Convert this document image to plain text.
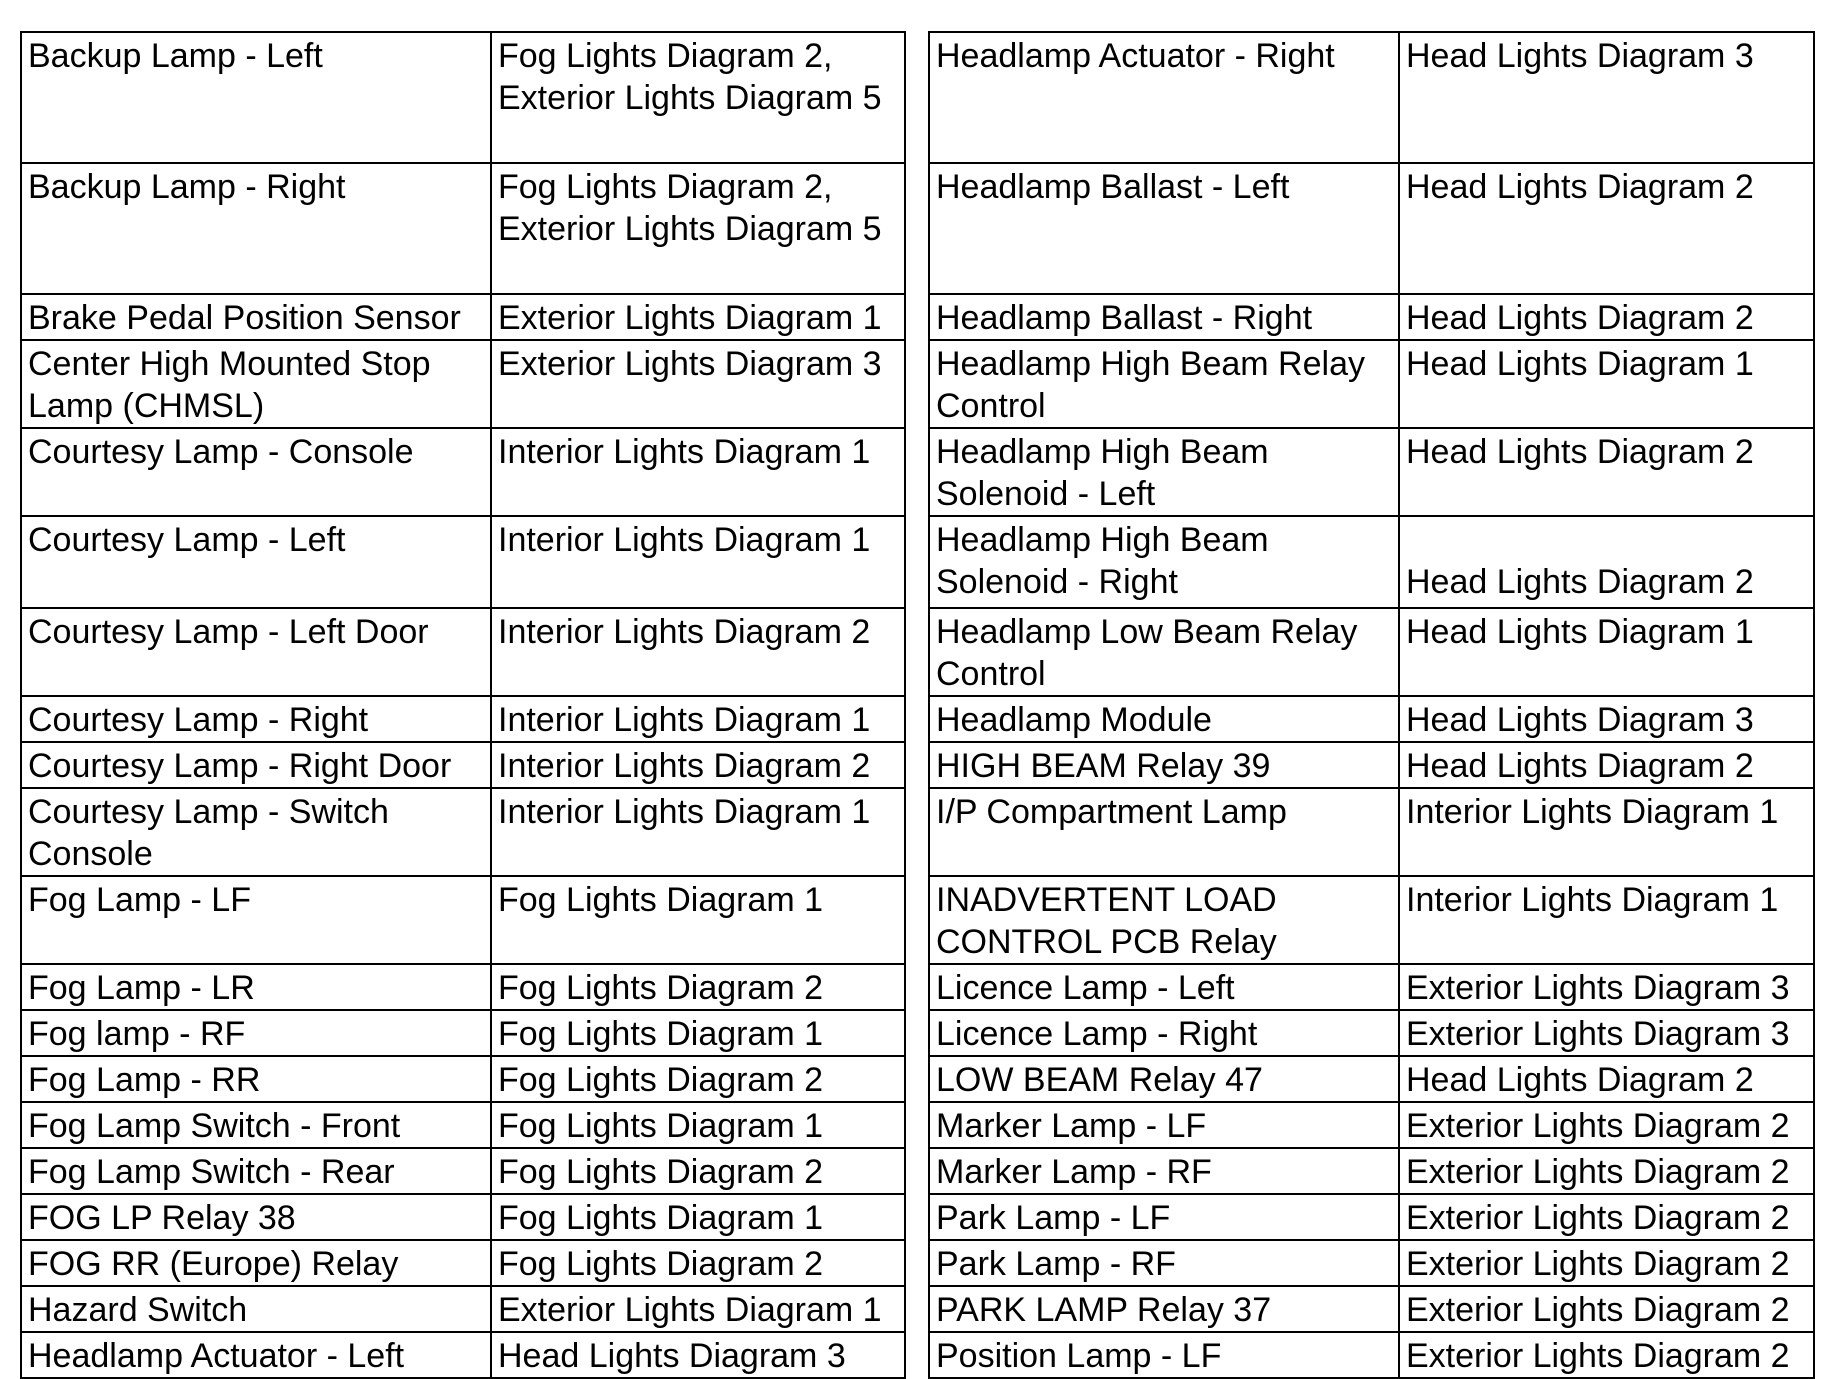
Backup Lamp - Left	Fog Lights Diagram 2, Exterior Lights Diagram 5		Headlamp Actuator - Right	Head Lights Diagram 3
Backup Lamp - Right	Fog Lights Diagram 2, Exterior Lights Diagram 5		Headlamp Ballast - Left	Head Lights Diagram 2
Brake Pedal Position Sensor	Exterior Lights Diagram 1		Headlamp Ballast - Right	Head Lights Diagram 2
Center High Mounted Stop Lamp (CHMSL)	Exterior Lights Diagram 3		Headlamp High Beam Relay Control	Head Lights Diagram 1
Courtesy Lamp - Console	Interior Lights Diagram 1		Headlamp High Beam Solenoid - Left	Head Lights Diagram 2
Courtesy Lamp - Left	Interior Lights Diagram 1		Headlamp High Beam Solenoid - Right	Head Lights Diagram 2
Courtesy Lamp - Left Door	Interior Lights Diagram 2		Headlamp Low Beam Relay Control	Head Lights Diagram 1
Courtesy Lamp - Right	Interior Lights Diagram 1		Headlamp Module	Head Lights Diagram 3
Courtesy Lamp - Right Door	Interior Lights Diagram 2		HIGH BEAM Relay 39	Head Lights Diagram 2
Courtesy Lamp - Switch Console	Interior Lights Diagram 1		I/P Compartment Lamp	Interior Lights Diagram 1
Fog Lamp - LF	Fog Lights Diagram 1		INADVERTENT LOAD CONTROL PCB Relay	Interior Lights Diagram 1
Fog Lamp - LR	Fog Lights Diagram 2		Licence Lamp - Left	Exterior Lights Diagram 3
Fog lamp - RF	Fog Lights Diagram 1		Licence Lamp - Right	Exterior Lights Diagram 3
Fog Lamp - RR	Fog Lights Diagram 2		LOW BEAM Relay 47	Head Lights Diagram 2
Fog Lamp Switch - Front	Fog Lights Diagram 1		Marker Lamp - LF	Exterior Lights Diagram 2
Fog Lamp Switch - Rear	Fog Lights Diagram 2		Marker Lamp - RF	Exterior Lights Diagram 2
FOG LP Relay 38	Fog Lights Diagram 1		Park Lamp - LF	Exterior Lights Diagram 2
FOG RR (Europe) Relay	Fog Lights Diagram 2		Park Lamp - RF	Exterior Lights Diagram 2
Hazard Switch	Exterior Lights Diagram 1		PARK LAMP Relay 37	Exterior Lights Diagram 2
Headlamp Actuator - Left	Head Lights Diagram 3		Position Lamp - LF	Exterior Lights Diagram 2
